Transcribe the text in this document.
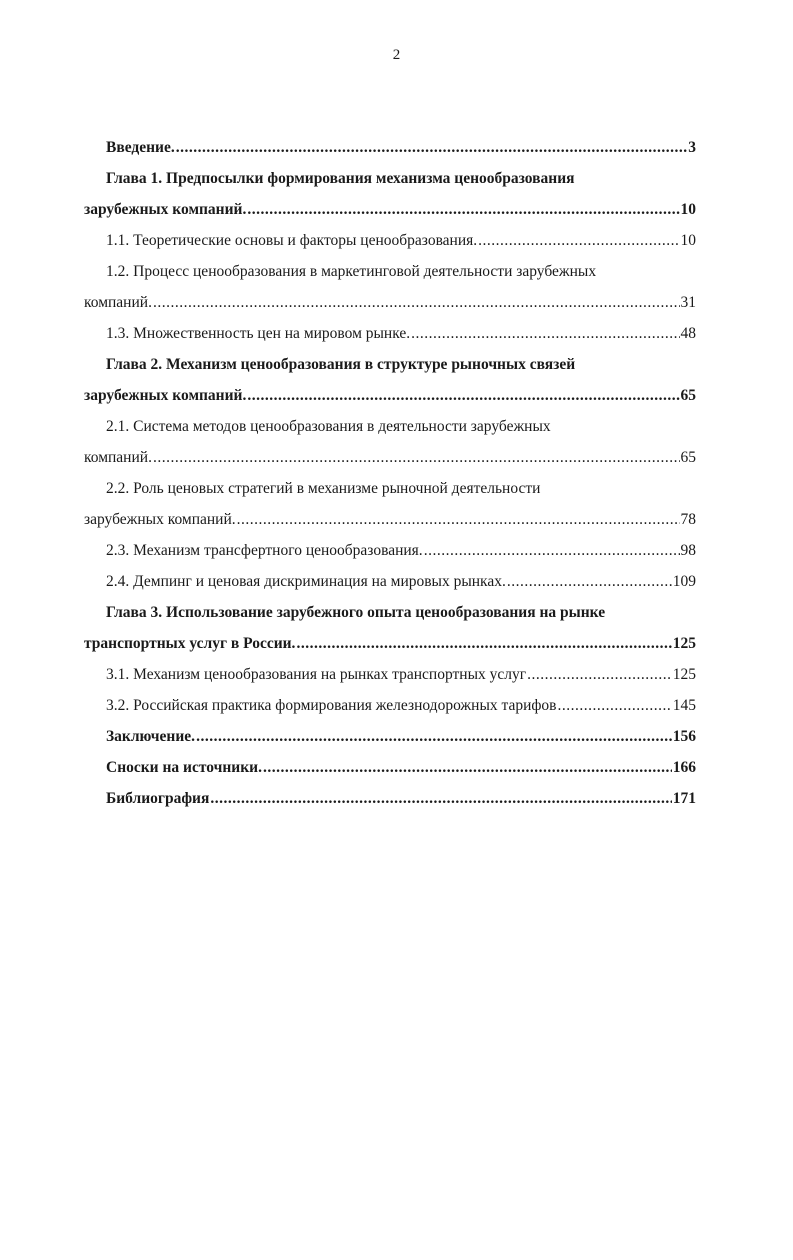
2
Введение. .....	3
Глава 1. Предпосылки формирования механизма ценообразования
зарубежных компаний. .....	10
1.1. Теоретические основы и факторы ценообразования. .....	10
1.2. Процесс ценообразования в маркетинговой деятельности зарубежных
компаний. .....	31
1.3. Множественность цен на мировом рынке. .....	48
Глава 2. Механизм ценообразования в структуре рыночных связей
зарубежных компаний. .....	65
2.1. Система методов ценообразования в деятельности зарубежных
компаний. .....	65
2.2. Роль ценовых стратегий в механизме рыночной деятельности
зарубежных компаний. .....	78
2.3. Механизм трансфертного ценообразования. .....	98
2.4. Демпинг и ценовая дискриминация на мировых рынках. .....	109
Глава 3. Использование зарубежного опыта ценообразования на рынке
транспортных услуг в России. .....	125
3.1. Механизм ценообразования на рынках транспортных услуг .....	125
3.2. Российская практика формирования железнодорожных тарифов .....	145
Заключение. .....	156
Сноски на источники. .....	166
Библиография .....	171
